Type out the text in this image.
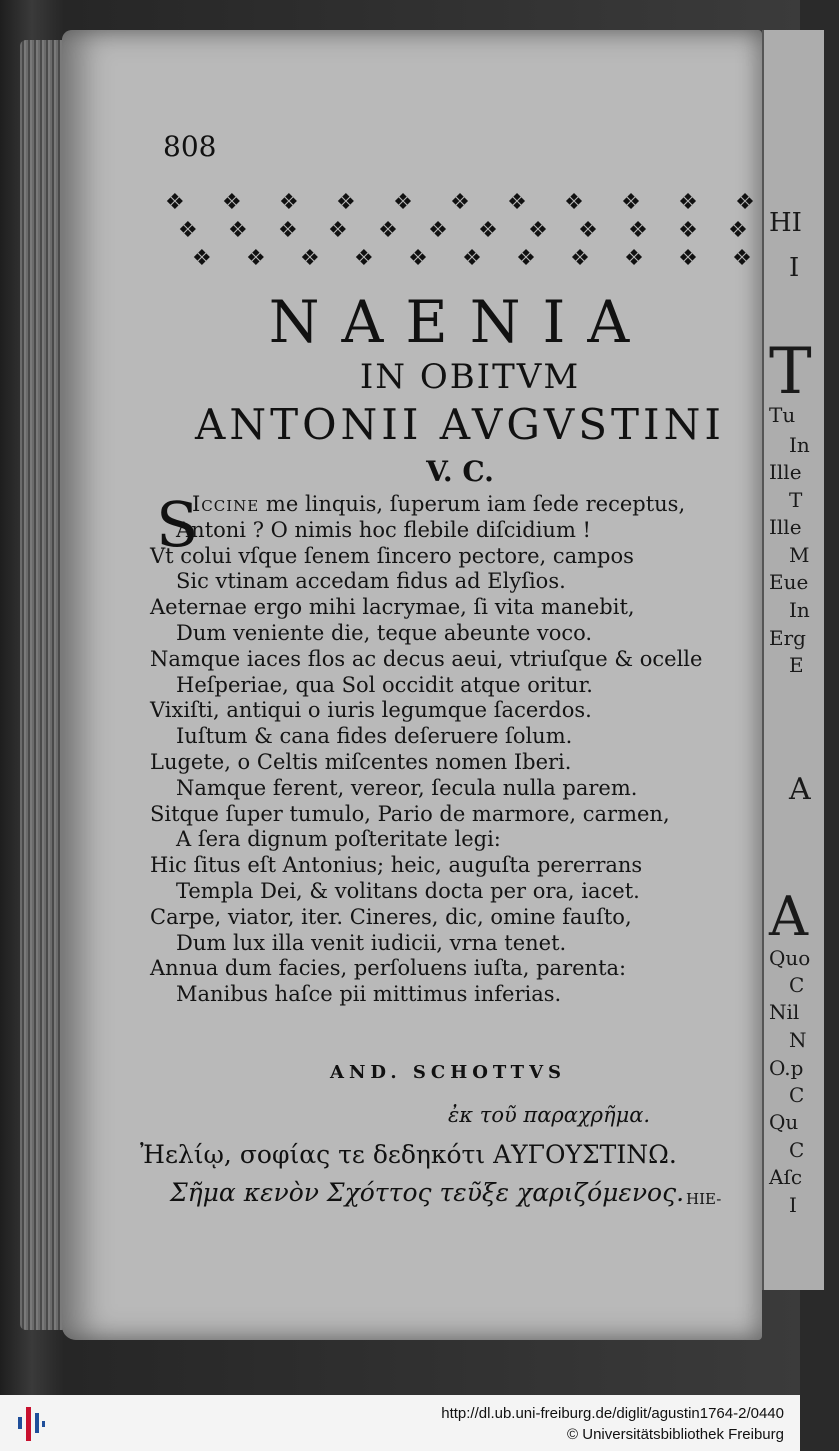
HI
I
T
Tu
In
Ille
T
Ille
M
Eue
In
Erg
E
A
A
Quo
C
Nil
N
O.p
C
Qu
C
Aſc
I
808
❖ ❖ ❖ ❖ ❖ ❖ ❖ ❖ ❖ ❖ ❖
❖ ❖ ❖ ❖ ❖ ❖ ❖ ❖ ❖ ❖ ❖ ❖
❖ ❖ ❖ ❖ ❖ ❖ ❖ ❖ ❖ ❖ ❖
NAENIA
IN OBITVM
ANTONII AVGVSTINI
V. C.
S
Iccine me linquis, ſuperum iam ſede receptus,
Antoni ? O nimis hoc flebile diſcidium !
Vt colui vſque ſenem ſincero pectore, campos
Sic vtinam accedam fidus ad Elyſios.
Aeternae ergo mihi lacrymae, ſi vita manebit,
Dum veniente die, teque abeunte voco.
Namque iaces flos ac decus aeui, vtriuſque & ocelle
Heſperiae, qua Sol occidit atque oritur.
Vixiſti, antiqui o iuris legumque ſacerdos.
Iuſtum & cana fides deſeruere ſolum.
Lugete, o Celtis miſcentes nomen Iberi.
Namque ferent, vereor, ſecula nulla parem.
Sitque ſuper tumulo, Pario de marmore, carmen,
A ſera dignum poſteritate legi:
Hic ſitus eſt Antonius; heic, auguſta pererrans
Templa Dei, & volitans docta per ora, iacet.
Carpe, viator, iter. Cineres, dic, omine fauſto,
Dum lux illa venit iudicii, vrna tenet.
Annua dum facies, perſoluens iuſta, parenta:
Manibus haſce pii mittimus inferias.
AND. SCHOTTVS
ἐκ τοῦ παραχρῆμα.
Ἠελίῳ, σοφίας τε δεδηκότι ΑΥΓΟΥΣΤΙΝΩ.
Σῆμα κενὸν Σχόττος τεῦξε χαριζόμενος. HIE-
http://dl.ub.uni-freiburg.de/diglit/agustin1764-2/0440
© Universitätsbibliothek Freiburg
